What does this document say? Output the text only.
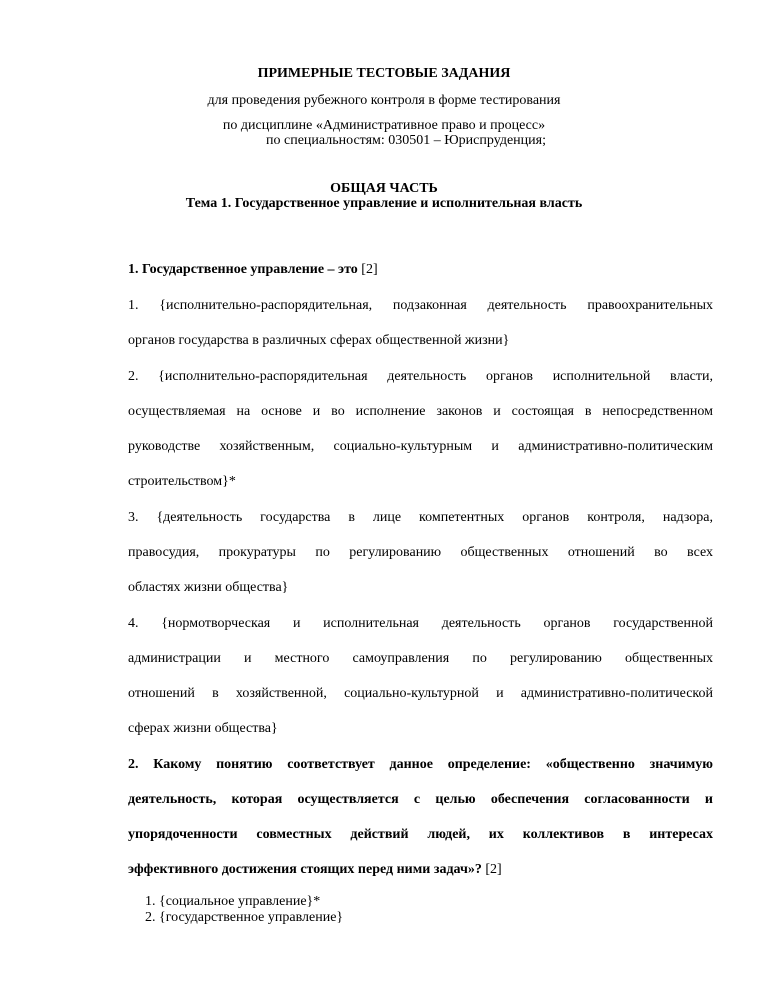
ПРИМЕРНЫЕ ТЕСТОВЫЕ ЗАДАНИЯ
для проведения рубежного контроля в форме тестирования
по дисциплине «Административное право и процесс»
по специальностям: 030501 – Юриспруденция;
ОБЩАЯ ЧАСТЬ
Тема 1. Государственное управление и исполнительная власть
1. Государственное управление – это [2]
1. {исполнительно-распорядительная, подзаконная деятельность правоохранительных
органов государства в различных сферах общественной жизни}
2. {исполнительно-распорядительная деятельность органов исполнительной власти,
осуществляемая на основе и во исполнение законов и состоящая в непосредственном
руководстве хозяйственным, социально-культурным и административно-политическим
строительством}*
3. {деятельность государства в лице компетентных органов контроля, надзора,
правосудия, прокуратуры по регулированию общественных отношений во всех
областях жизни общества}
4. {нормотворческая и исполнительная деятельность органов государственной
администрации и местного самоуправления по регулированию общественных
отношений в хозяйственной, социально-культурной и административно-политической
сферах жизни общества}
2. Какому понятию соответствует данное определение: «общественно значимую
деятельность, которая осуществляется с целью обеспечения согласованности и
упорядоченности совместных действий людей, их коллективов в интересах
эффективного достижения стоящих перед ними задач»? [2]
1. {социальное управление}*
2. {государственное управление}
